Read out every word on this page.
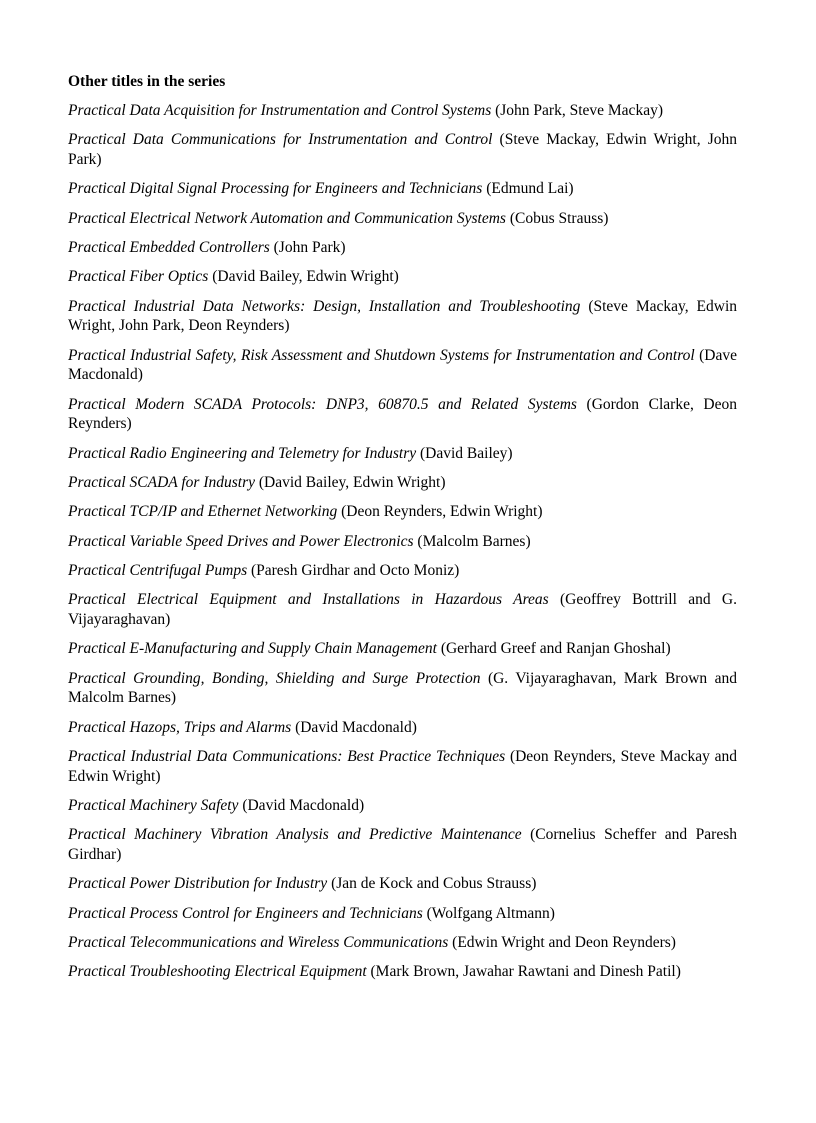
Other titles in the series

Practical Data Acquisition for Instrumentation and Control Systems (John Park, Steve Mackay)

Practical Data Communications for Instrumentation and Control (Steve Mackay, Edwin Wright, John Park)

Practical Digital Signal Processing for Engineers and Technicians (Edmund Lai)

Practical Electrical Network Automation and Communication Systems (Cobus Strauss)

Practical Embedded Controllers (John Park)

Practical Fiber Optics (David Bailey, Edwin Wright)

Practical Industrial Data Networks: Design, Installation and Troubleshooting (Steve Mackay, Edwin Wright, John Park, Deon Reynders)

Practical Industrial Safety, Risk Assessment and Shutdown Systems for Instrumentation and Control (Dave Macdonald)

Practical Modern SCADA Protocols: DNP3, 60870.5 and Related Systems (Gordon Clarke, Deon Reynders)

Practical Radio Engineering and Telemetry for Industry (David Bailey)

Practical SCADA for Industry (David Bailey, Edwin Wright)

Practical TCP/IP and Ethernet Networking (Deon Reynders, Edwin Wright)

Practical Variable Speed Drives and Power Electronics (Malcolm Barnes)

Practical Centrifugal Pumps (Paresh Girdhar and Octo Moniz)

Practical Electrical Equipment and Installations in Hazardous Areas (Geoffrey Bottrill and G. Vijayaraghavan)

Practical E-Manufacturing and Supply Chain Management (Gerhard Greef and Ranjan Ghoshal)

Practical Grounding, Bonding, Shielding and Surge Protection (G. Vijayaraghavan, Mark Brown and Malcolm Barnes)

Practical Hazops, Trips and Alarms (David Macdonald)

Practical Industrial Data Communications: Best Practice Techniques (Deon Reynders, Steve Mackay and Edwin Wright)

Practical Machinery Safety (David Macdonald)

Practical Machinery Vibration Analysis and Predictive Maintenance (Cornelius Scheffer and Paresh Girdhar)

Practical Power Distribution for Industry (Jan de Kock and Cobus Strauss)

Practical Process Control for Engineers and Technicians (Wolfgang Altmann)

Practical Telecommunications and Wireless Communications (Edwin Wright and Deon Reynders)

Practical Troubleshooting Electrical Equipment (Mark Brown, Jawahar Rawtani and Dinesh Patil)
